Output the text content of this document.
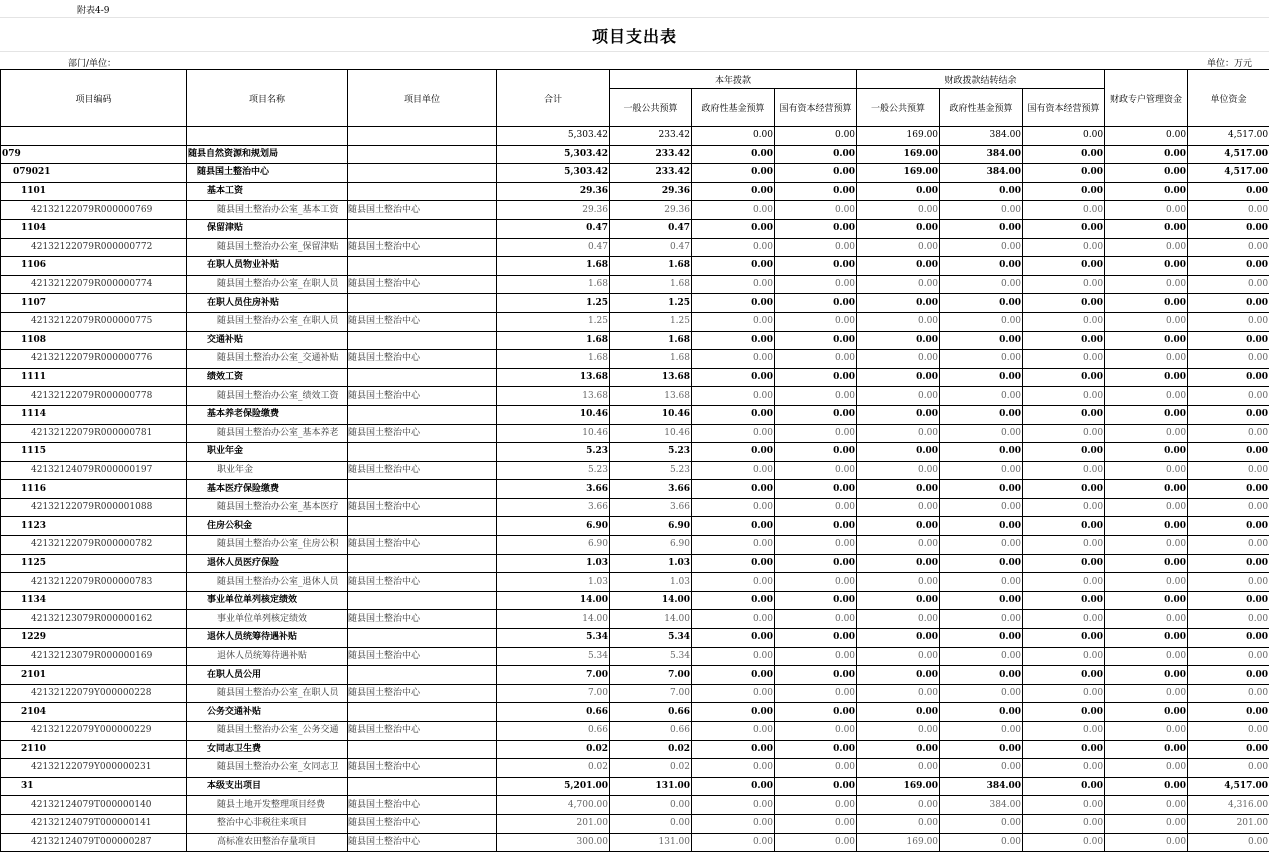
附表4-9
项目支出表
部门/单位：	单位：万元
项目编码	项目名称	项目单位	合计	本年拨款			财政拨款结转结余			财政专户管理资金	单位资金
				一般公共预算	政府性基金预算	国有资本经营预算	一般公共预算	政府性基金预算	国有资本经营预算		
			5,303.42	233.42	0.00	0.00	169.00	384.00	0.00	0.00	4,517.00
079	随县自然资源和规划局		5,303.42	233.42	0.00	0.00	169.00	384.00	0.00	0.00	4,517.00
079021	随县国土整治中心		5,303.42	233.42	0.00	0.00	169.00	384.00	0.00	0.00	4,517.00
1101	基本工资		29.36	29.36	0.00	0.00	0.00	0.00	0.00	0.00	0.00
42132122079R000000769	随县国土整治办公室_基本工资	随县国土整治中心	29.36	29.36	0.00	0.00	0.00	0.00	0.00	0.00	0.00
1104	保留津贴		0.47	0.47	0.00	0.00	0.00	0.00	0.00	0.00	0.00
42132122079R000000772	随县国土整治办公室_保留津贴	随县国土整治中心	0.47	0.47	0.00	0.00	0.00	0.00	0.00	0.00	0.00
1106	在职人员物业补贴		1.68	1.68	0.00	0.00	0.00	0.00	0.00	0.00	0.00
42132122079R000000774	随县国土整治办公室_在职人员	随县国土整治中心	1.68	1.68	0.00	0.00	0.00	0.00	0.00	0.00	0.00
1107	在职人员住房补贴		1.25	1.25	0.00	0.00	0.00	0.00	0.00	0.00	0.00
42132122079R000000775	随县国土整治办公室_在职人员	随县国土整治中心	1.25	1.25	0.00	0.00	0.00	0.00	0.00	0.00	0.00
1108	交通补贴		1.68	1.68	0.00	0.00	0.00	0.00	0.00	0.00	0.00
42132122079R000000776	随县国土整治办公室_交通补贴	随县国土整治中心	1.68	1.68	0.00	0.00	0.00	0.00	0.00	0.00	0.00
1111	绩效工资		13.68	13.68	0.00	0.00	0.00	0.00	0.00	0.00	0.00
42132122079R000000778	随县国土整治办公室_绩效工资	随县国土整治中心	13.68	13.68	0.00	0.00	0.00	0.00	0.00	0.00	0.00
1114	基本养老保险缴费		10.46	10.46	0.00	0.00	0.00	0.00	0.00	0.00	0.00
42132122079R000000781	随县国土整治办公室_基本养老	随县国土整治中心	10.46	10.46	0.00	0.00	0.00	0.00	0.00	0.00	0.00
1115	职业年金		5.23	5.23	0.00	0.00	0.00	0.00	0.00	0.00	0.00
42132124079R000000197	职业年金	随县国土整治中心	5.23	5.23	0.00	0.00	0.00	0.00	0.00	0.00	0.00
1116	基本医疗保险缴费		3.66	3.66	0.00	0.00	0.00	0.00	0.00	0.00	0.00
42132122079R000001088	随县国土整治办公室_基本医疗	随县国土整治中心	3.66	3.66	0.00	0.00	0.00	0.00	0.00	0.00	0.00
1123	住房公积金		6.90	6.90	0.00	0.00	0.00	0.00	0.00	0.00	0.00
42132122079R000000782	随县国土整治办公室_住房公积	随县国土整治中心	6.90	6.90	0.00	0.00	0.00	0.00	0.00	0.00	0.00
1125	退休人员医疗保险		1.03	1.03	0.00	0.00	0.00	0.00	0.00	0.00	0.00
42132122079R000000783	随县国土整治办公室_退休人员	随县国土整治中心	1.03	1.03	0.00	0.00	0.00	0.00	0.00	0.00	0.00
1134	事业单位单列核定绩效		14.00	14.00	0.00	0.00	0.00	0.00	0.00	0.00	0.00
42132123079R000000162	事业单位单列核定绩效	随县国土整治中心	14.00	14.00	0.00	0.00	0.00	0.00	0.00	0.00	0.00
1229	退休人员统筹待遇补贴		5.34	5.34	0.00	0.00	0.00	0.00	0.00	0.00	0.00
42132123079R000000169	退休人员统筹待遇补贴	随县国土整治中心	5.34	5.34	0.00	0.00	0.00	0.00	0.00	0.00	0.00
2101	在职人员公用		7.00	7.00	0.00	0.00	0.00	0.00	0.00	0.00	0.00
42132122079Y000000228	随县国土整治办公室_在职人员	随县国土整治中心	7.00	7.00	0.00	0.00	0.00	0.00	0.00	0.00	0.00
2104	公务交通补贴		0.66	0.66	0.00	0.00	0.00	0.00	0.00	0.00	0.00
42132122079Y000000229	随县国土整治办公室_公务交通	随县国土整治中心	0.66	0.66	0.00	0.00	0.00	0.00	0.00	0.00	0.00
2110	女同志卫生费		0.02	0.02	0.00	0.00	0.00	0.00	0.00	0.00	0.00
42132122079Y000000231	随县国土整治办公室_女同志卫	随县国土整治中心	0.02	0.02	0.00	0.00	0.00	0.00	0.00	0.00	0.00
31	本级支出项目		5,201.00	131.00	0.00	0.00	169.00	384.00	0.00	0.00	4,517.00
42132124079T000000140	随县土地开发整理项目经费	随县国土整治中心	4,700.00	0.00	0.00	0.00	0.00	384.00	0.00	0.00	4,316.00
42132124079T000000141	整治中心非税往来项目	随县国土整治中心	201.00	0.00	0.00	0.00	0.00	0.00	0.00	0.00	201.00
42132124079T000000287	高标准农田整治存量项目	随县国土整治中心	300.00	131.00	0.00	0.00	169.00	0.00	0.00	0.00	0.00
